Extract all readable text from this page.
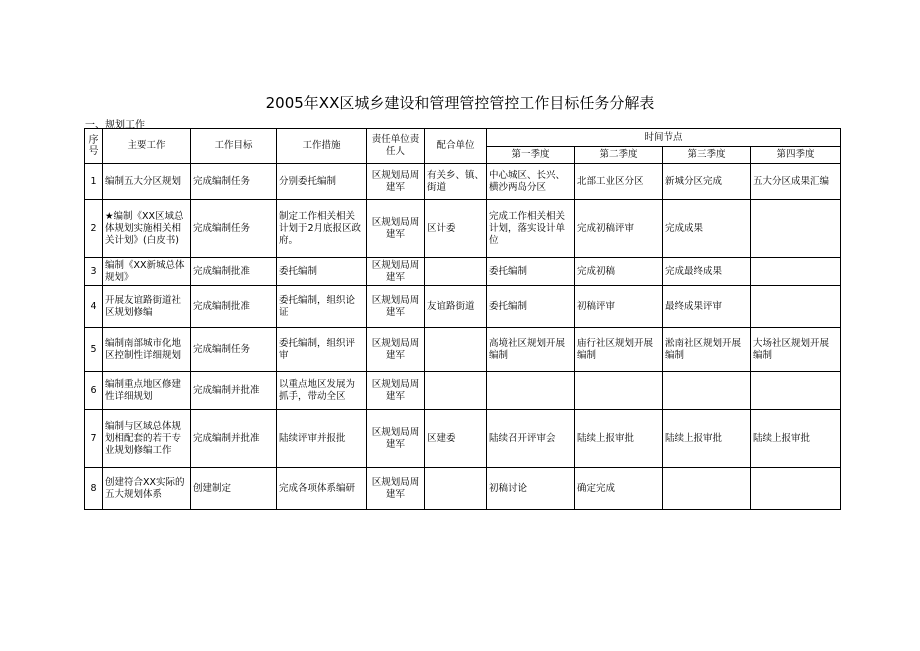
2005年XX区城乡建设和管理管控管控工作目标任务分解表
一、规划工作
序号	主要工作	工作目标	工作措施	责任单位责任人	配合单位	时间节点			
						第一季度	第二季度	第三季度	第四季度
1	编制五大分区规划	完成编制任务	分别委托编制	区规划局周建军	有关乡、镇、街道	中心城区、长兴、横沙两岛分区	北部工业区分区	新城分区完成	五大分区成果汇编
2	★编制《XX区域总体规划实施相关相关计划》(白皮书)	完成编制任务	制定工作相关相关计划于2月底报区政府。	区规划局周建军	区计委	完成工作相关相关计划，落实设计单位	完成初稿评审	完成成果	
3	编制《XX新城总体规划》	完成编制批准	委托编制	区规划局周建军		委托编制	完成初稿	完成最终成果	
4	开展友谊路街道社区规划修编	完成编制批准	委托编制，组织论证	区规划局周建军	友谊路街道	委托编制	初稿评审	最终成果评审	
5	编制南部城市化地区控制性详细规划	完成编制任务	委托编制，组织评审	区规划局周建军		高境社区规划开展编制	庙行社区规划开展编制	淞南社区规划开展编制	大场社区规划开展编制
6	编制重点地区修建性详细规划	完成编制并批准	以重点地区发展为抓手，带动全区	区规划局周建军					
7	编制与区域总体规划相配套的若干专业规划修编工作	完成编制并批准	陆续评审并报批	区规划局周建军	区建委	陆续召开评审会	陆续上报审批	陆续上报审批	陆续上报审批
8	创建符合XX实际的五大规划体系	创建制定	完成各项体系编研	区规划局周建军		初稿讨论	确定完成		
